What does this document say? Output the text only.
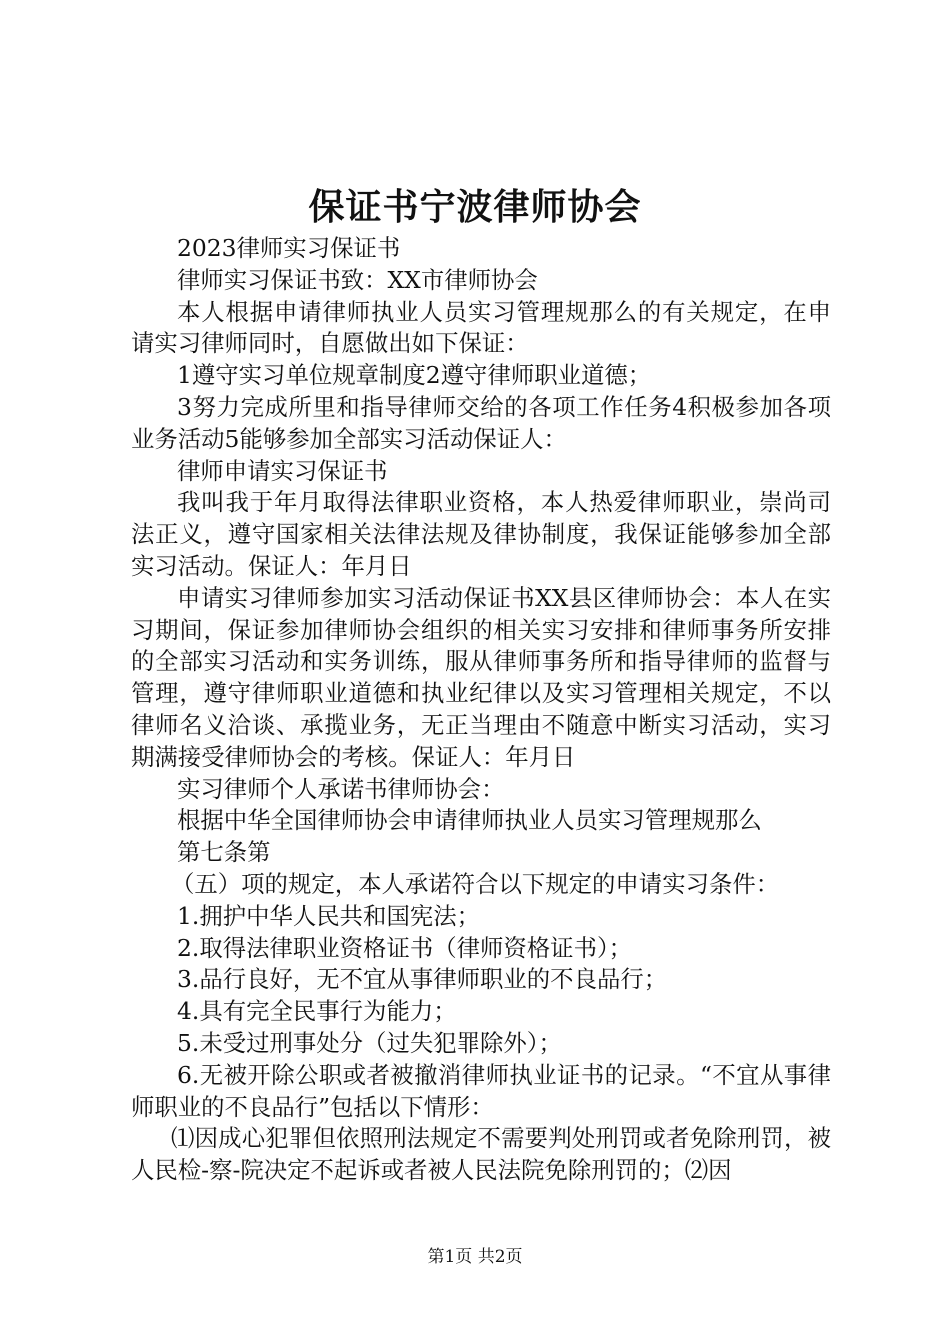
保证书宁波律师协会

2023律师实习保证书

律师实习保证书致：XX市律师协会

本人根据申请律师执业人员实习管理规那么的有关规定，在申请实习律师同时，自愿做出如下保证：

1遵守实习单位规章制度2遵守律师职业道德；

3努力完成所里和指导律师交给的各项工作任务4积极参加各项业务活动5能够参加全部实习活动保证人：

律师申请实习保证书

我叫我于年月取得法律职业资格，本人热爱律师职业，崇尚司法正义，遵守国家相关法律法规及律协制度，我保证能够参加全部实习活动。保证人：年月日

申请实习律师参加实习活动保证书XX县区律师协会：本人在实习期间，保证参加律师协会组织的相关实习安排和律师事务所安排的全部实习活动和实务训练，服从律师事务所和指导律师的监督与管理，遵守律师职业道德和执业纪律以及实习管理相关规定，不以律师名义洽谈、承揽业务，无正当理由不随意中断实习活动，实习期满接受律师协会的考核。保证人：年月日

实习律师个人承诺书律师协会：

根据中华全国律师协会申请律师执业人员实习管理规那么

第七条第

（五）项的规定，本人承诺符合以下规定的申请实习条件：

1.拥护中华人民共和国宪法；

2.取得法律职业资格证书（律师资格证书）；

3.品行良好，无不宜从事律师职业的不良品行；

4.具有完全民事行为能力；

5.未受过刑事处分（过失犯罪除外）；

6.无被开除公职或者被撤消律师执业证书的记录。“不宜从事律师职业的不良品行”包括以下情形：

⑴因成心犯罪但依照刑法规定不需要判处刑罚或者免除刑罚，被人民检-察-院决定不起诉或者被人民法院免除刑罚的；⑵因

第1页 共2页
